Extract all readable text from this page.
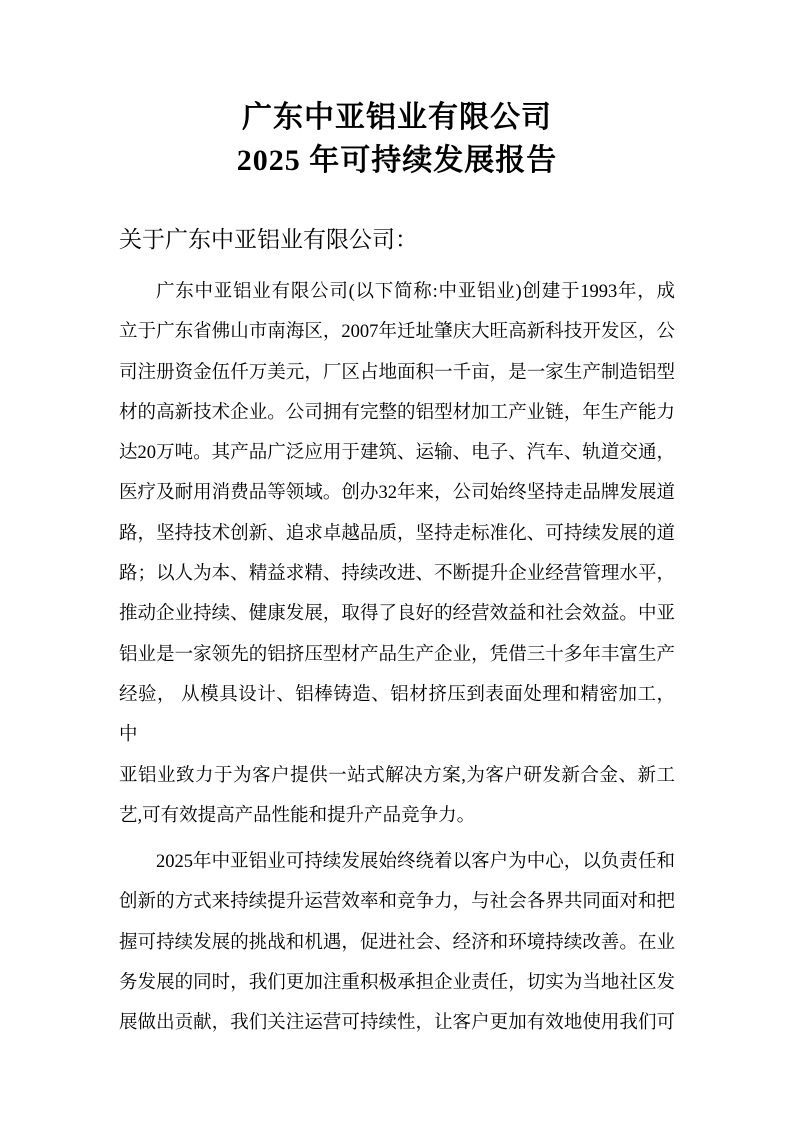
广东中亚铝业有限公司
2025 年可持续发展报告
关于广东中亚铝业有限公司：
广东中亚铝业有限公司(以下简称:中亚铝业)创建于1993年，成
立于广东省佛山市南海区，2007年迁址肇庆大旺高新科技开发区，公
司注册资金伍仟万美元，厂区占地面积一千亩，是一家生产制造铝型
材的高新技术企业。公司拥有完整的铝型材加工产业链，年生产能力
达20万吨。其产品广泛应用于建筑、运输、电子、汽车、轨道交通，
医疗及耐用消费品等领域。创办32年来，公司始终坚持走品牌发展道
路，坚持技术创新、追求卓越品质，坚持走标准化、可持续发展的道
路；以人为本、精益求精、持续改进、不断提升企业经营管理水平，
推动企业持续、健康发展，取得了良好的经营效益和社会效益。中亚
铝业是一家领先的铝挤压型材产品生产企业，凭借三十多年丰富生产
经验， 从模具设计、铝棒铸造、铝材挤压到表面处理和精密加工，中
亚铝业致力于为客户提供一站式解决方案,为客户研发新合金、新工
艺,可有效提高产品性能和提升产品竞争力。
2025年中亚铝业可持续发展始终绕着以客户为中心，以负责任和
创新的方式来持续提升运营效率和竞争力，与社会各界共同面对和把
握可持续发展的挑战和机遇，促进社会、经济和环境持续改善。在业
务发展的同时，我们更加注重积极承担企业责任，切实为当地社区发
展做出贡献，我们关注运营可持续性，让客户更加有效地使用我们可
